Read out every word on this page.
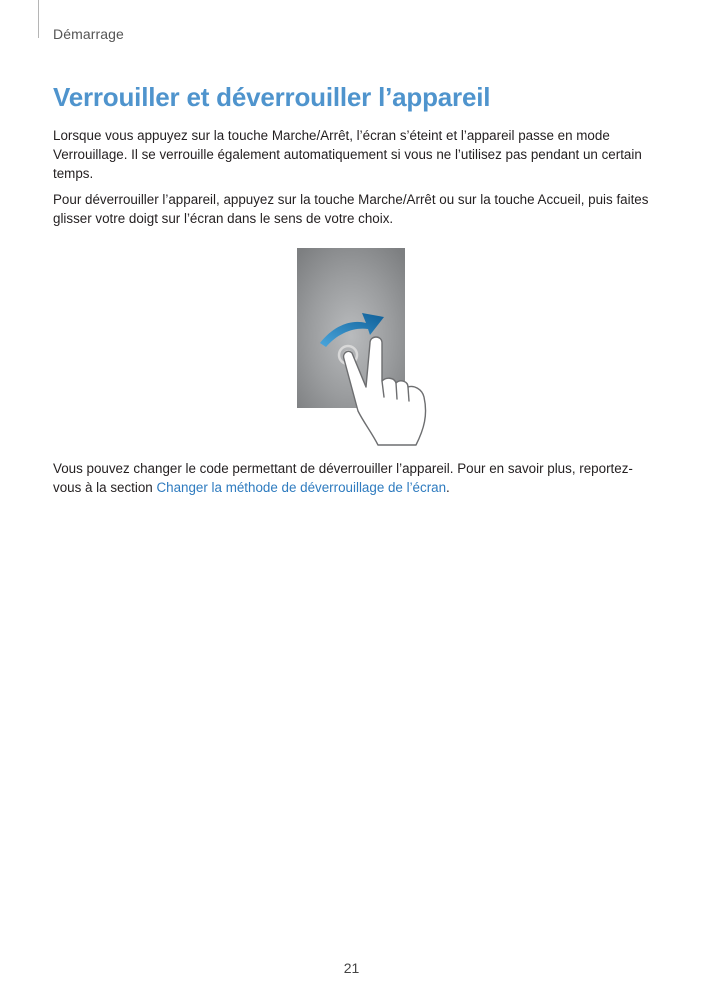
Démarrage
Verrouiller et déverrouiller l’appareil

Lorsque vous appuyez sur la touche Marche/Arrêt, l’écran s’éteint et l’appareil passe en mode Verrouillage. Il se verrouille également automatiquement si vous ne l’utilisez pas pendant un certain temps.

Pour déverrouiller l’appareil, appuyez sur la touche Marche/Arrêt ou sur la touche Accueil, puis faites glisser votre doigt sur l’écran dans le sens de votre choix.

Vous pouvez changer le code permettant de déverrouiller l’appareil. Pour en savoir plus, reportez-vous à la section Changer la méthode de déverrouillage de l’écran.

21
